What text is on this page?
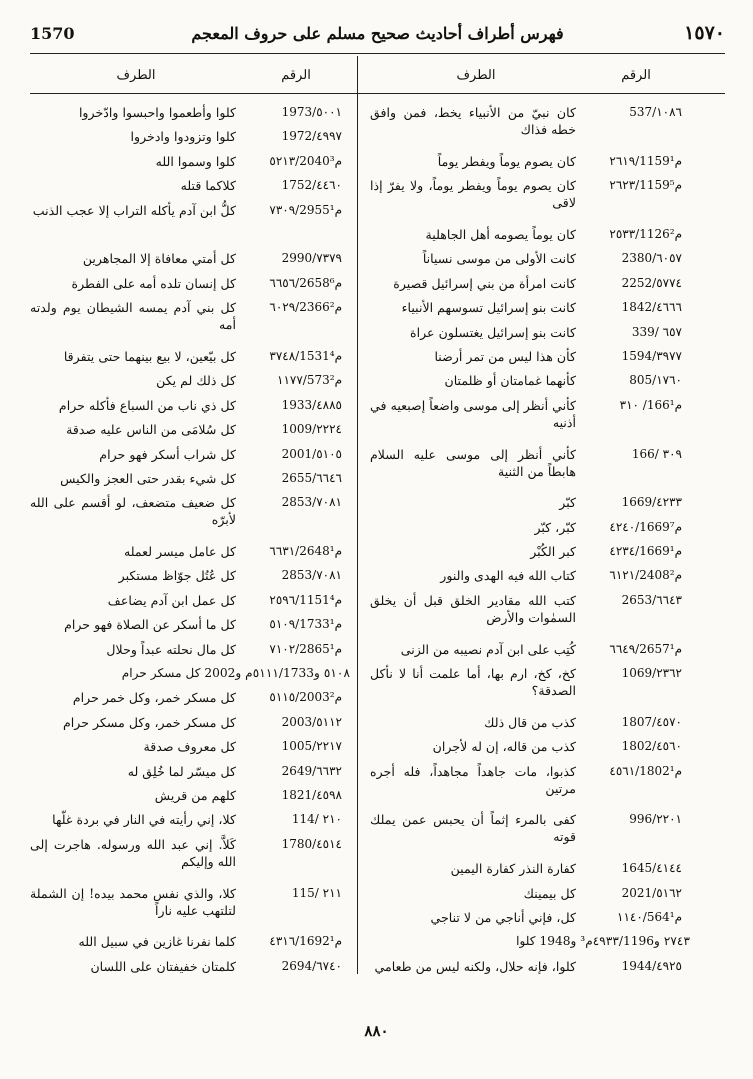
1570	فهرس أطراف أحاديث صحيح مسلم على حروف المعجم	١٥٧٠
الرقم
الطرف
537/١٠٨٦
كان نبيّ من الأنبياء يخط، فمن وافق خطه فذاك
٢٦١٩/1159م¹
كان يصوم يوماً ويفطر يوماً
٢٦٢٣/1159م⁵
كان يصوم يوماً ويفطر يوماً، ولا يفرّ إذا لاقى
٢٥٣٣/1126م²
كان يوماً يصومه أهل الجاهلية
2380/٦٠٥٧
كانت الأولى من موسى نسياناً
2252/٥٧٧٤
كانت امرأة من بني إسرائيل قصيرة
1842/٤٦٦٦
كانت بنو إسرائيل تسوسهم الأنبياء
339/ ٦٥٧
كانت بنو إسرائيل يغتسلون عراة
1594/٣٩٧٧
كأن هذا ليس من تمر أرضنا
805/١٧٦٠
كأنهما غمامتان أو ظلمتان
٣١٠ /166م¹
كأني أنظر إلى موسى واضعاً إصبعيه في أذنيه
166/ ٣٠٩
كأني أنظر إلى موسى عليه السلام هابطاً من الثنية
1669/٤٢٣٣
كبّر
٤٢٤٠/1669م⁷
كبّر، كبّر
٤٢٣٤/1669م¹
كبر الكُبْر
٦١٢١/2408م²
كتاب الله فيه الهدى والنور
2653/٦٦٤٣
كتب الله مقادير الخلق قبل أن يخلق السمٰوات والأرض
٦٦٤٩/2657م¹
كُتِب على ابن آدم نصيبه من الزنى
1069/٢٣٦٢
كخ، كخ، ارم بها، أما علمت أنا لا نأكل الصدقة؟
1807/٤٥٧٠
كذب من قال ذلك
1802/٤٥٦٠
كذب من قاله، إن له لأجران
٤٥٦١/1802م¹
كذبوا، مات جاهداً مجاهداً، فله أجره مرتين
996/٢٢٠١
كفى بالمرء إثماً أن يحبس عمن يملك قوته
1645/٤١٤٤
كفارة النذر كفارة اليمين
2021/٥١٦٢
كل بيمينك
١١٤٠/564م¹
كل، فإني أناجي من لا تناجي
٢٧٤٣ و٤٩٣٣/1196م³ و1948 كلوا
1944/٤٩٢٥
كلوا، فإنه حلال، ولكنه ليس من طعامي
الرقم
الطرف
1973/٥٠٠١
كلوا وأطعموا واحبسوا وادّخروا
1972/٤٩٩٧
كلوا وتزودوا وادخروا
٥٢١٣/2040م³
كلوا وسموا الله
1752/٤٤٦٠
كلاكما قتله
٧٣٠٩/2955م¹
كلُّ ابن آدم يأكله التراب إلا عجب الذنب
2990/٧٣٧٩
كل أمتي معافاة إلا المجاهرين
٦٦٥٦/2658م⁶
كل إنسان تلده أمه على الفطرة
٦٠٢٩/2366م²
كل بني آدم يمسه الشيطان يوم ولدته أمه
٣٧٤٨/1531م⁴
كل بيّعين، لا بيع بينهما حتى يتفرقا
١١٧٧/573م²
كل ذلك لم يكن
1933/٤٨٨٥
كل ذي ناب من السباع فأكله حرام
1009/٢٢٢٤
كل سُلامَى من الناس عليه صدقة
2001/٥١٠٥
كل شراب أسكر فهو حرام
2655/٦٦٤٦
كل شيء بقدر حتى العجز والكيس
2853/٧٠٨١
كل ضعيف متضعف، لو أقسم على الله لأبرّه
٦٦٣١/2648م¹
كل عامل ميسر لعمله
2853/٧٠٨١
كل عُتُل جوّاظ مستكبر
٢٥٩٦/1151م⁴
كل عمل ابن آدم يضاعف
٥١٠٩/1733م¹
كل ما أسكر عن الصلاة فهو حرام
٧١٠٢/2865م¹
كل مال نحلته عبداً وحلال
٥١٠٨ و٥١١١/1733م و2002 كل مسكر حرام
٥١١٥/2003م²
كل مسكر خمر، وكل خمر حرام
2003/٥١١٢
كل مسكر خمر، وكل مسكر حرام
1005/٢٢١٧
كل معروف صدقة
2649/٦٦٣٢
كل ميسّر لما خُلِق له
1821/٤٥٩٨
كلهم من قريش
114/ ٢١٠
كلا، إني رأيته في النار في بردة غلّها
1780/٤٥١٤
كَلاَّ. إني عبد الله ورسوله. هاجرت إلى الله وإليكم
115/ ٢١١
كلا، والذي نفس محمد بيده! إن الشملة لتلتهب عليه ناراً
٤٣١٦/1692م¹
كلما نفرنا غازين في سبيل الله
2694/٦٧٤٠
كلمتان خفيفتان على اللسان
٨٨٠
